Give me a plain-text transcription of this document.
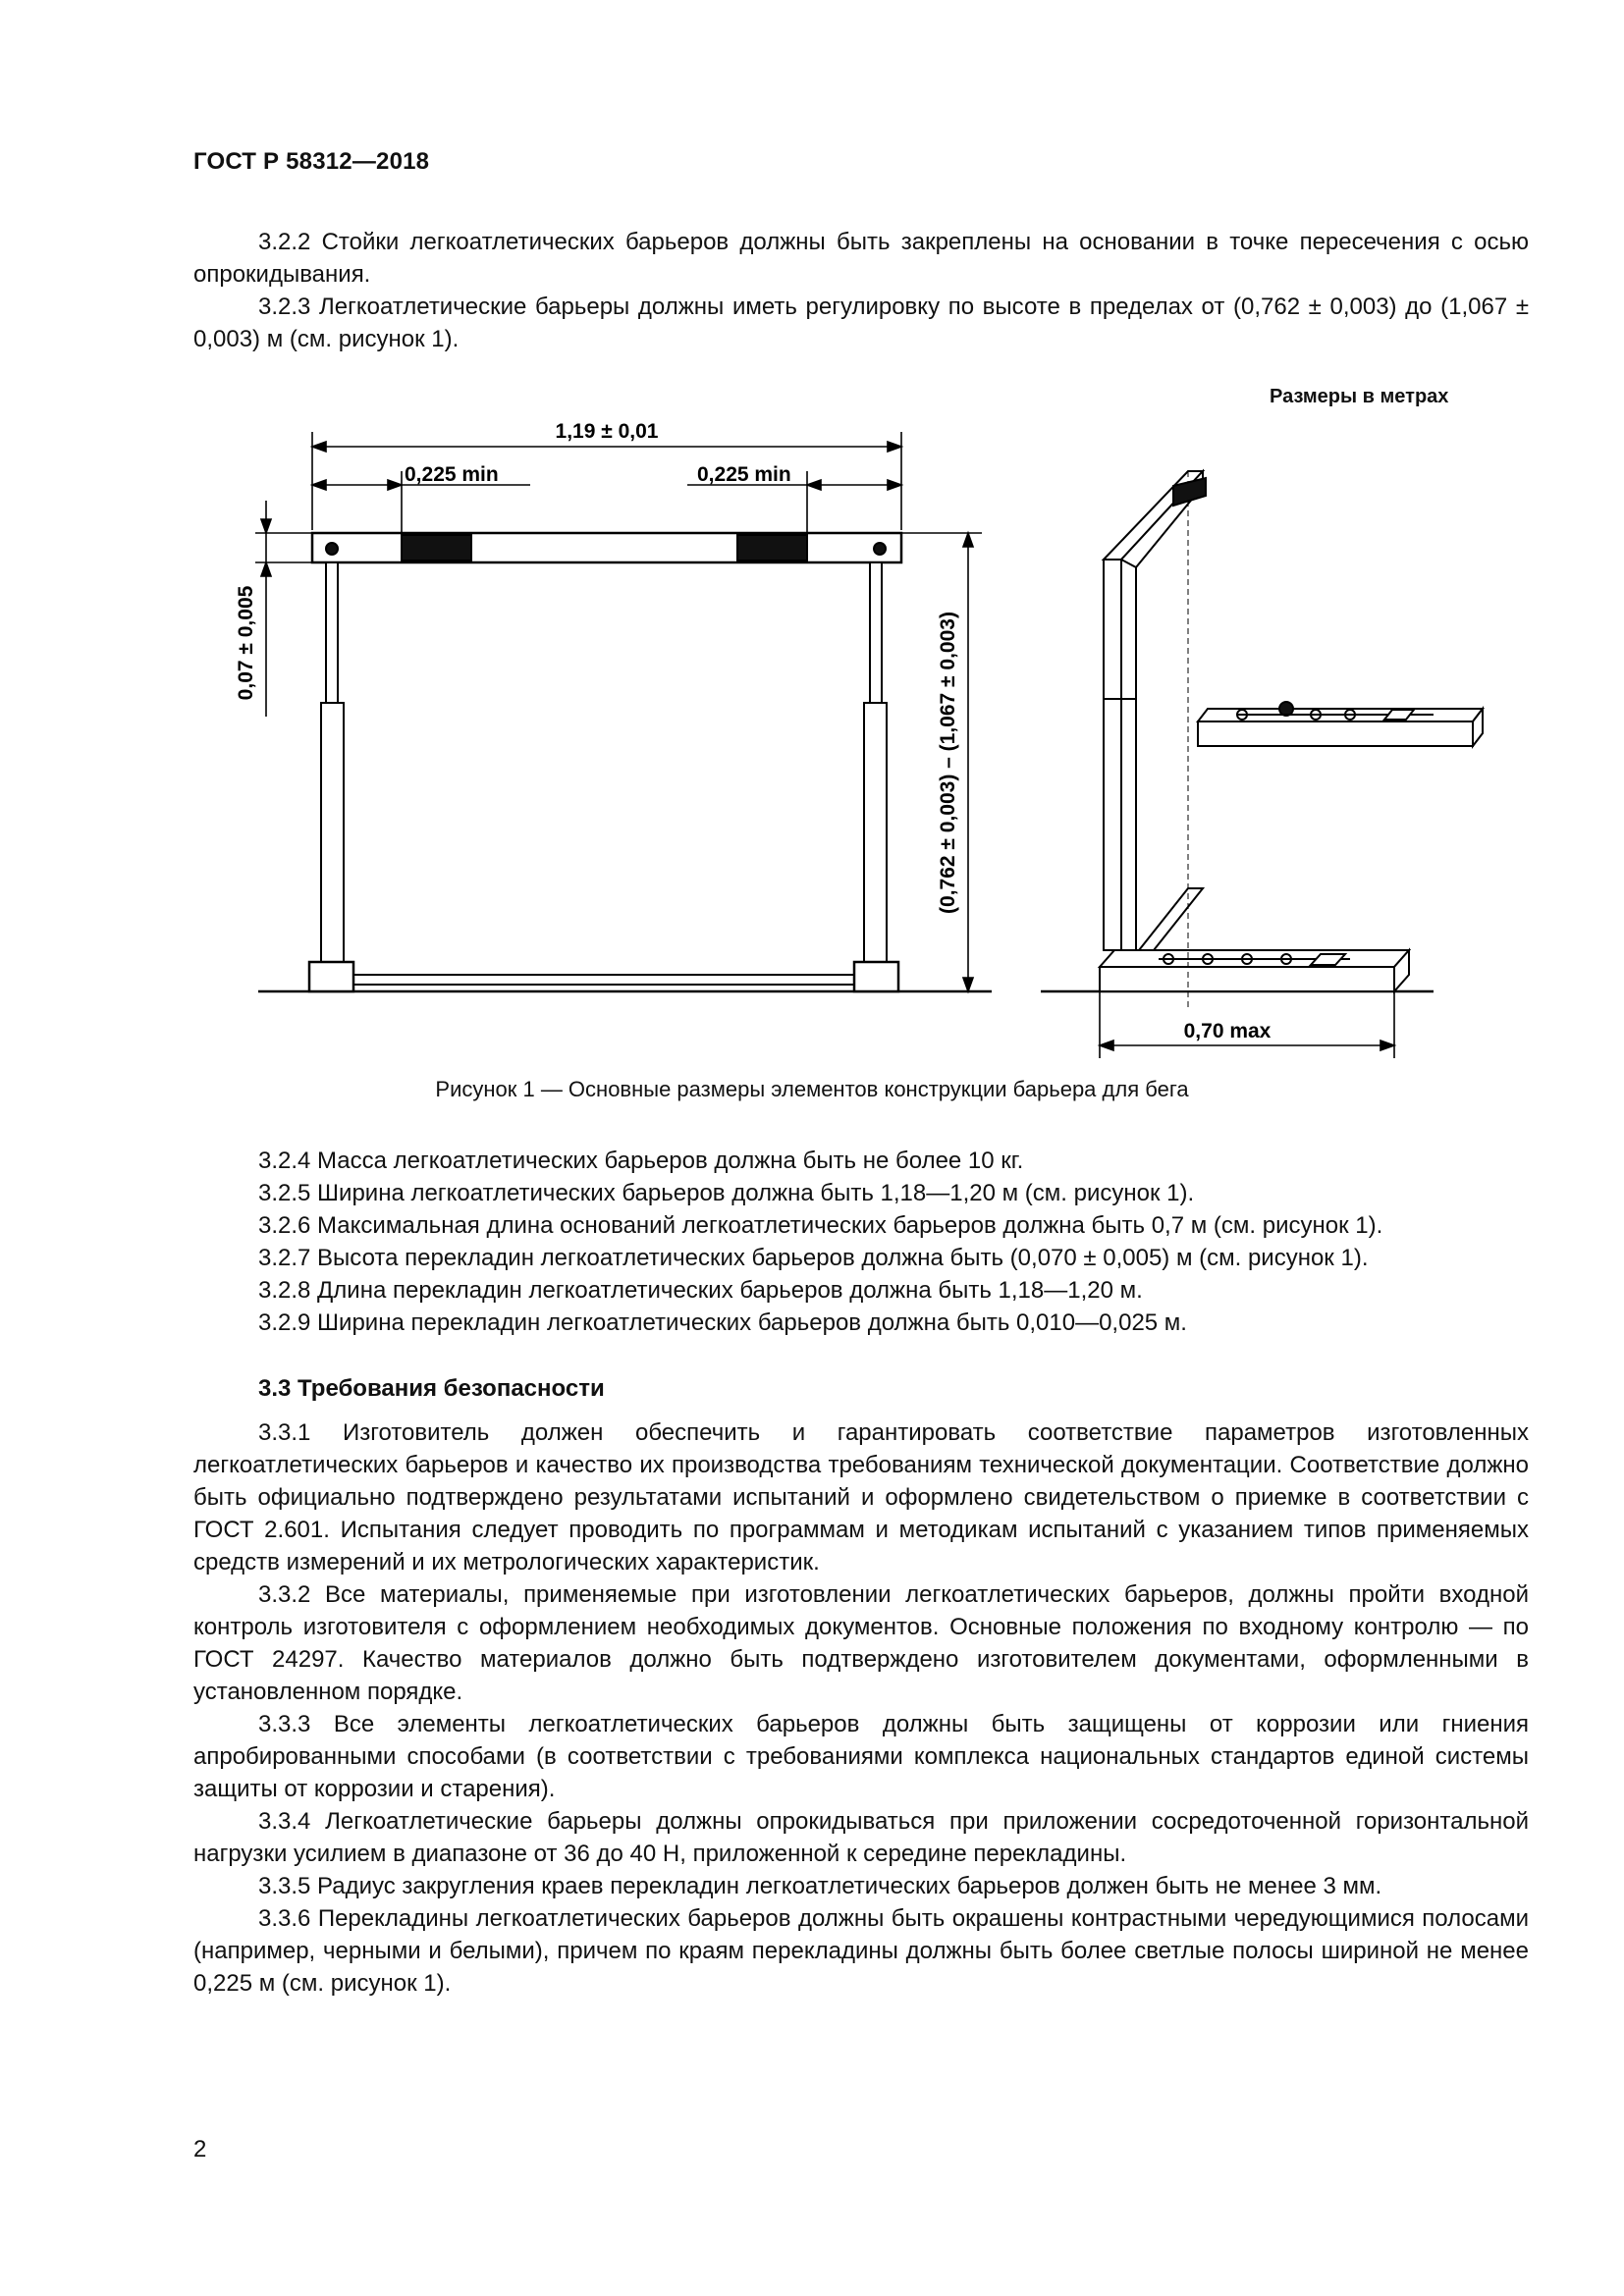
ГОСТ Р 58312—2018

3.2.2 Стойки легкоатлетических барьеров должны быть закреплены на основании в точке пересечения с осью опрокидывания.

3.2.3 Легкоатлетические барьеры должны иметь регулировку по высоте в пределах от (0,762 ± 0,003) до (1,067 ± 0,003) м (см. рисунок 1).

Размеры в метрах
1,19 ± 0,01
0,225 min	0,225 min
0,07 ± 0,005	(0,762 ± 0,003) – (1,067 ± 0,003)
0,70 max
Рисунок 1 — Основные размеры элементов конструкции барьера для бега

3.2.4 Масса легкоатлетических барьеров должна быть не более 10 кг.

3.2.5 Ширина легкоатлетических барьеров должна быть 1,18—1,20 м (см. рисунок 1).

3.2.6 Максимальная длина оснований легкоатлетических барьеров должна быть 0,7 м (см. рисунок 1).

3.2.7 Высота перекладин легкоатлетических барьеров должна быть (0,070 ± 0,005) м (см. рисунок 1).

3.2.8 Длина перекладин легкоатлетических барьеров должна быть 1,18—1,20 м.

3.2.9 Ширина перекладин легкоатлетических барьеров должна быть 0,010—0,025 м.

3.3 Требования безопасности

3.3.1 Изготовитель должен обеспечить и гарантировать соответствие параметров изготовленных легкоатлетических барьеров и качество их производства требованиям технической документации. Соответствие должно быть официально подтверждено результатами испытаний и оформлено свидетельством о приемке в соответствии с ГОСТ 2.601. Испытания следует проводить по программам и методикам испытаний с указанием типов применяемых средств измерений и их метрологических характеристик.

3.3.2 Все материалы, применяемые при изготовлении легкоатлетических барьеров, должны пройти входной контроль изготовителя с оформлением необходимых документов. Основные положения по входному контролю — по ГОСТ 24297. Качество материалов должно быть подтверждено изготовителем документами, оформленными в установленном порядке.

3.3.3 Все элементы легкоатлетических барьеров должны быть защищены от коррозии или гниения апробированными способами (в соответствии с требованиями комплекса национальных стандартов единой системы защиты от коррозии и старения).

3.3.4 Легкоатлетические барьеры должны опрокидываться при приложении сосредоточенной горизонтальной нагрузки усилием в диапазоне от 36 до 40 Н, приложенной к середине перекладины.

3.3.5 Радиус закругления краев перекладин легкоатлетических барьеров должен быть не менее 3 мм.

3.3.6 Перекладины легкоатлетических барьеров должны быть окрашены контрастными чередующимися полосами (например, черными и белыми), причем по краям перекладины должны быть более светлые полосы шириной не менее 0,225 м (см. рисунок 1).

2
